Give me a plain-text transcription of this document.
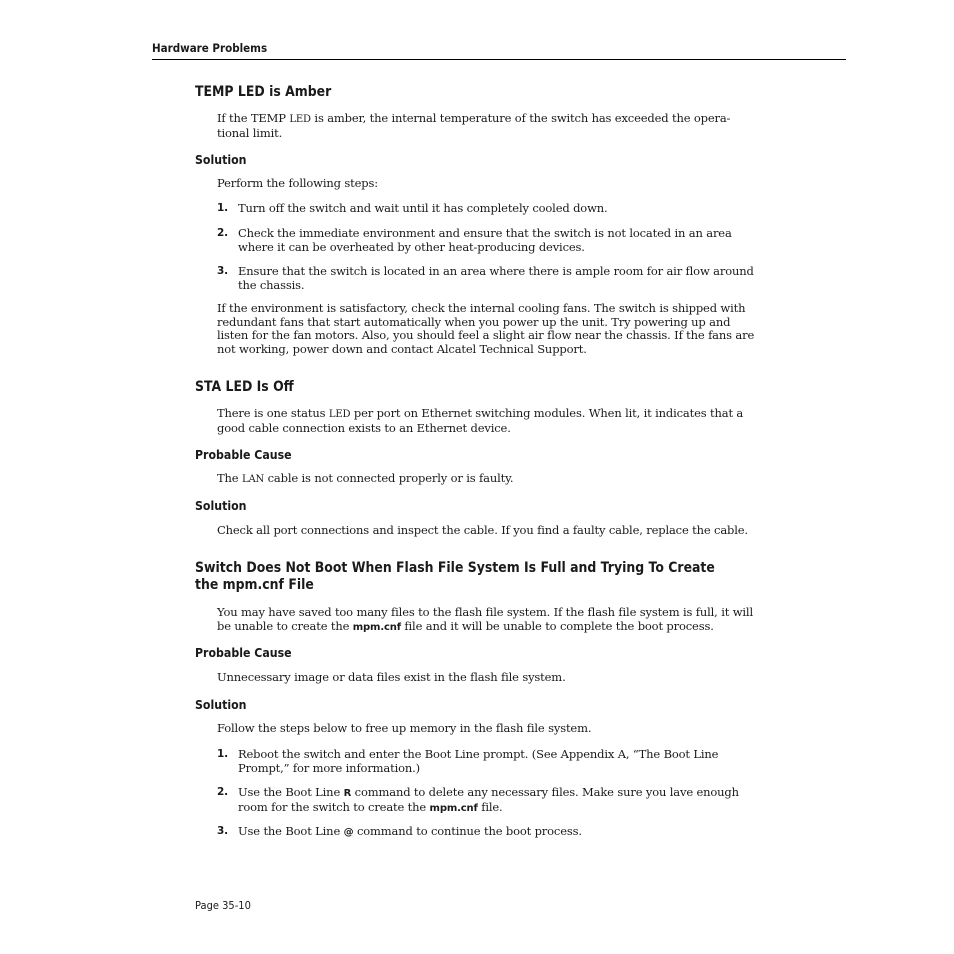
Hardware Problems
TEMP LED is Amber

If the TEMP LED is amber, the internal temperature of the switch has exceeded the opera-tional limit.

Solution

Perform the following steps:

1. Turn off the switch and wait until it has completely cooled down.
2. Check the immediate environment and ensure that the switch is not located in an area where it can be overheated by other heat-producing devices.
3. Ensure that the switch is located in an area where there is ample room for air flow around the chassis.

If the environment is satisfactory, check the internal cooling fans. The switch is shipped with redundant fans that start automatically when you power up the unit. Try powering up and listen for the fan motors. Also, you should feel a slight air flow near the chassis. If the fans are not working, power down and contact Alcatel Technical Support.

STA LED Is Off

There is one status LED per port on Ethernet switching modules. When lit, it indicates that a good cable connection exists to an Ethernet device.

Probable Cause

The LAN cable is not connected properly or is faulty.

Solution

Check all port connections and inspect the cable. If you find a faulty cable, replace the cable.

Switch Does Not Boot When Flash File System Is Full and Trying To Create
the mpm.cnf File

You may have saved too many files to the flash file system. If the flash file system is full, it will be unable to create the mpm.cnf file and it will be unable to complete the boot process.

Probable Cause

Unnecessary image or data files exist in the flash file system.

Solution

Follow the steps below to free up memory in the flash file system.

1. Reboot the switch and enter the Boot Line prompt. (See Appendix A, “The Boot Line Prompt,” for more information.)
2. Use the Boot Line R command to delete any necessary files. Make sure you lave enough room for the switch to create the mpm.cnf file.
3. Use the Boot Line @ command to continue the boot process.
Page 35-10
